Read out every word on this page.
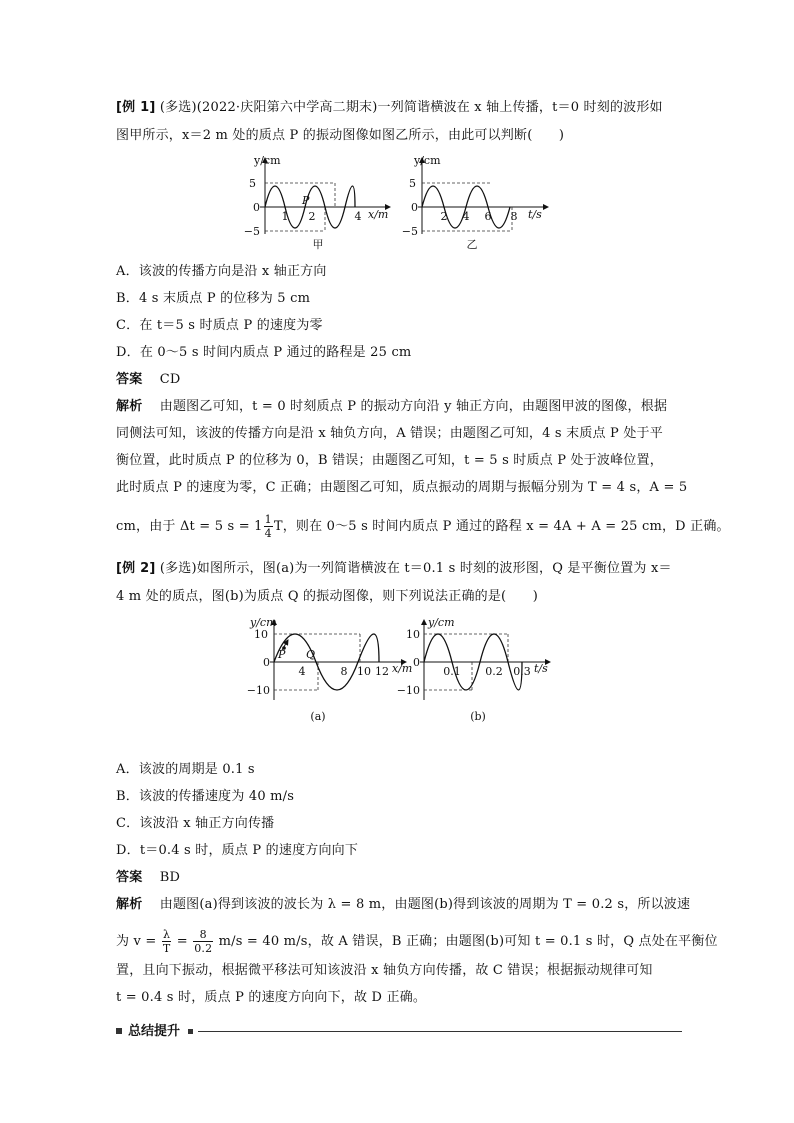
[例 1] (多选)(2022·庆阳第六中学高二期末)一列简谐横波在 x 轴上传播，t＝0 时刻的波形如
图甲所示，x＝2 m 处的质点 P 的振动图像如图乙所示，由此可以判断(　　)
y/cm
5
0
−5
1 2	4 x/m
P
甲
y/cm
5
0
−5
2 4 6 8 t/s
乙
A．该波的传播方向是沿 x 轴正方向
B．4 s 末质点 P 的位移为 5 cm
C．在 t＝5 s 时质点 P 的速度为零
D．在 0～5 s 时间内质点 P 通过的路程是 25 cm
答案 CD
解析 由题图乙可知，t = 0 时刻质点 P 的振动方向沿 y 轴正方向，由题图甲波的图像，根据
同侧法可知，该波的传播方向是沿 x 轴负方向，A 错误；由题图乙可知，4 s 末质点 P 处于平
衡位置，此时质点 P 的位移为 0，B 错误；由题图乙可知，t = 5 s 时质点 P 处于波峰位置，
此时质点 P 的速度为零，C 正确；由题图乙可知，质点振动的周期与振幅分别为 T = 4 s，A = 5
cm，由于 Δt = 5 $s = 1 \frac{1}{4}$ T，则在 0～5 s 时间内质点 P 通过的路程 x = 4A + A = 25 cm，D 正确。
[例 2] (多选)如图所示，图(a)为一列简谐横波在 t＝0.1 s 时刻的波形图，Q 是平衡位置为 x＝
4 m 处的质点，图(b)为质点 Q 的振动图像，则下列说法正确的是(　　)
y/cm
10
0
−10
4	8 10 12 x/m
P Q
(a)
y/cm
10
0
−10
0.1 0.2 0.3 t/s
(b)
A．该波的周期是 0.1 s
B．该波的传播速度为 40 m/s
C．该波沿 x 轴正方向传播
D．t＝0.4 s 时，质点 P 的速度方向向下
答案 BD
解析 由题图(a)得到该波的波长为 λ = 8 m，由题图(b)得到该波的周期为 T = 0.2 s，所以波速
为 $v = \frac{\lambda}{T} = \frac{8}{0.2} m/s = 40$ m/s，故 A 错误，B 正确；由题图(b)可知 t = 0.1 s 时，Q 点处在平衡位
置，且向下振动，根据微平移法可知该波沿 x 轴负方向传播，故 C 错误；根据振动规律可知
t = 0.4 s 时，质点 P 的速度方向向下，故 D 正确。
总结提升
